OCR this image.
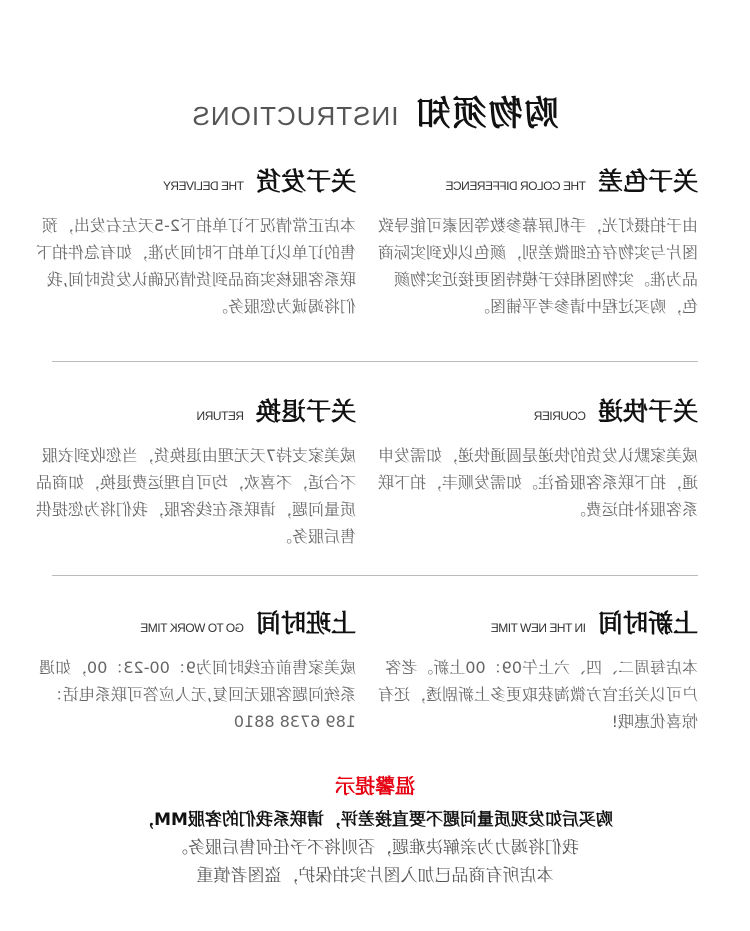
购物须知
INSTRUCTIONS
关于色差
THE COLOR DIFFERENCE
由于拍摄灯光，手机屏幕参数等因素可能导致图片与实物存在细微差别，颜色以收到实际商品为准。实物图相较于模特图更接近实物颜色，购买过程中请参考平铺图。
关于发货
THE DELIVERY
本店正常情况下订单拍下2-5天左右发出，预售的订单以订单拍下时间为准，如有急件拍下联系客服核实商品到货情况确认发货时间,我们将竭诚为您服务。
关于快递
COURIER
威美家默认发货的快递是圆通快递，如需发申通，拍下联系客服备注。如需发顺丰，拍下联系客服补拍运费。
关于退换
RETURN
威美家支持7天无理由退换货，当您收到衣服不合适，不喜欢，均可自理运费退换，如商品质量问题，请联系在线客服，我们将为您提供售后服务。
上新时间
IN THE NEW TIME
本店每周二、四、六上午09：00上新。老客户可以关注官方微淘获取更多上新剧透，还有惊喜优惠哦!
上班时间
GO TO WORK TIME
威美家售前在线时间为9：00-23：00，如遇系统问题客服无回复,无人应答可联系电话：189 6738 8810
温馨提示
购买后如发现质量问题不要直接差评，请联系我们的客服MM，
我们将竭力为亲解决难题，否则将不予任何售后服务。
本店所有商品已加入图片实拍保护，盗图者慎重
